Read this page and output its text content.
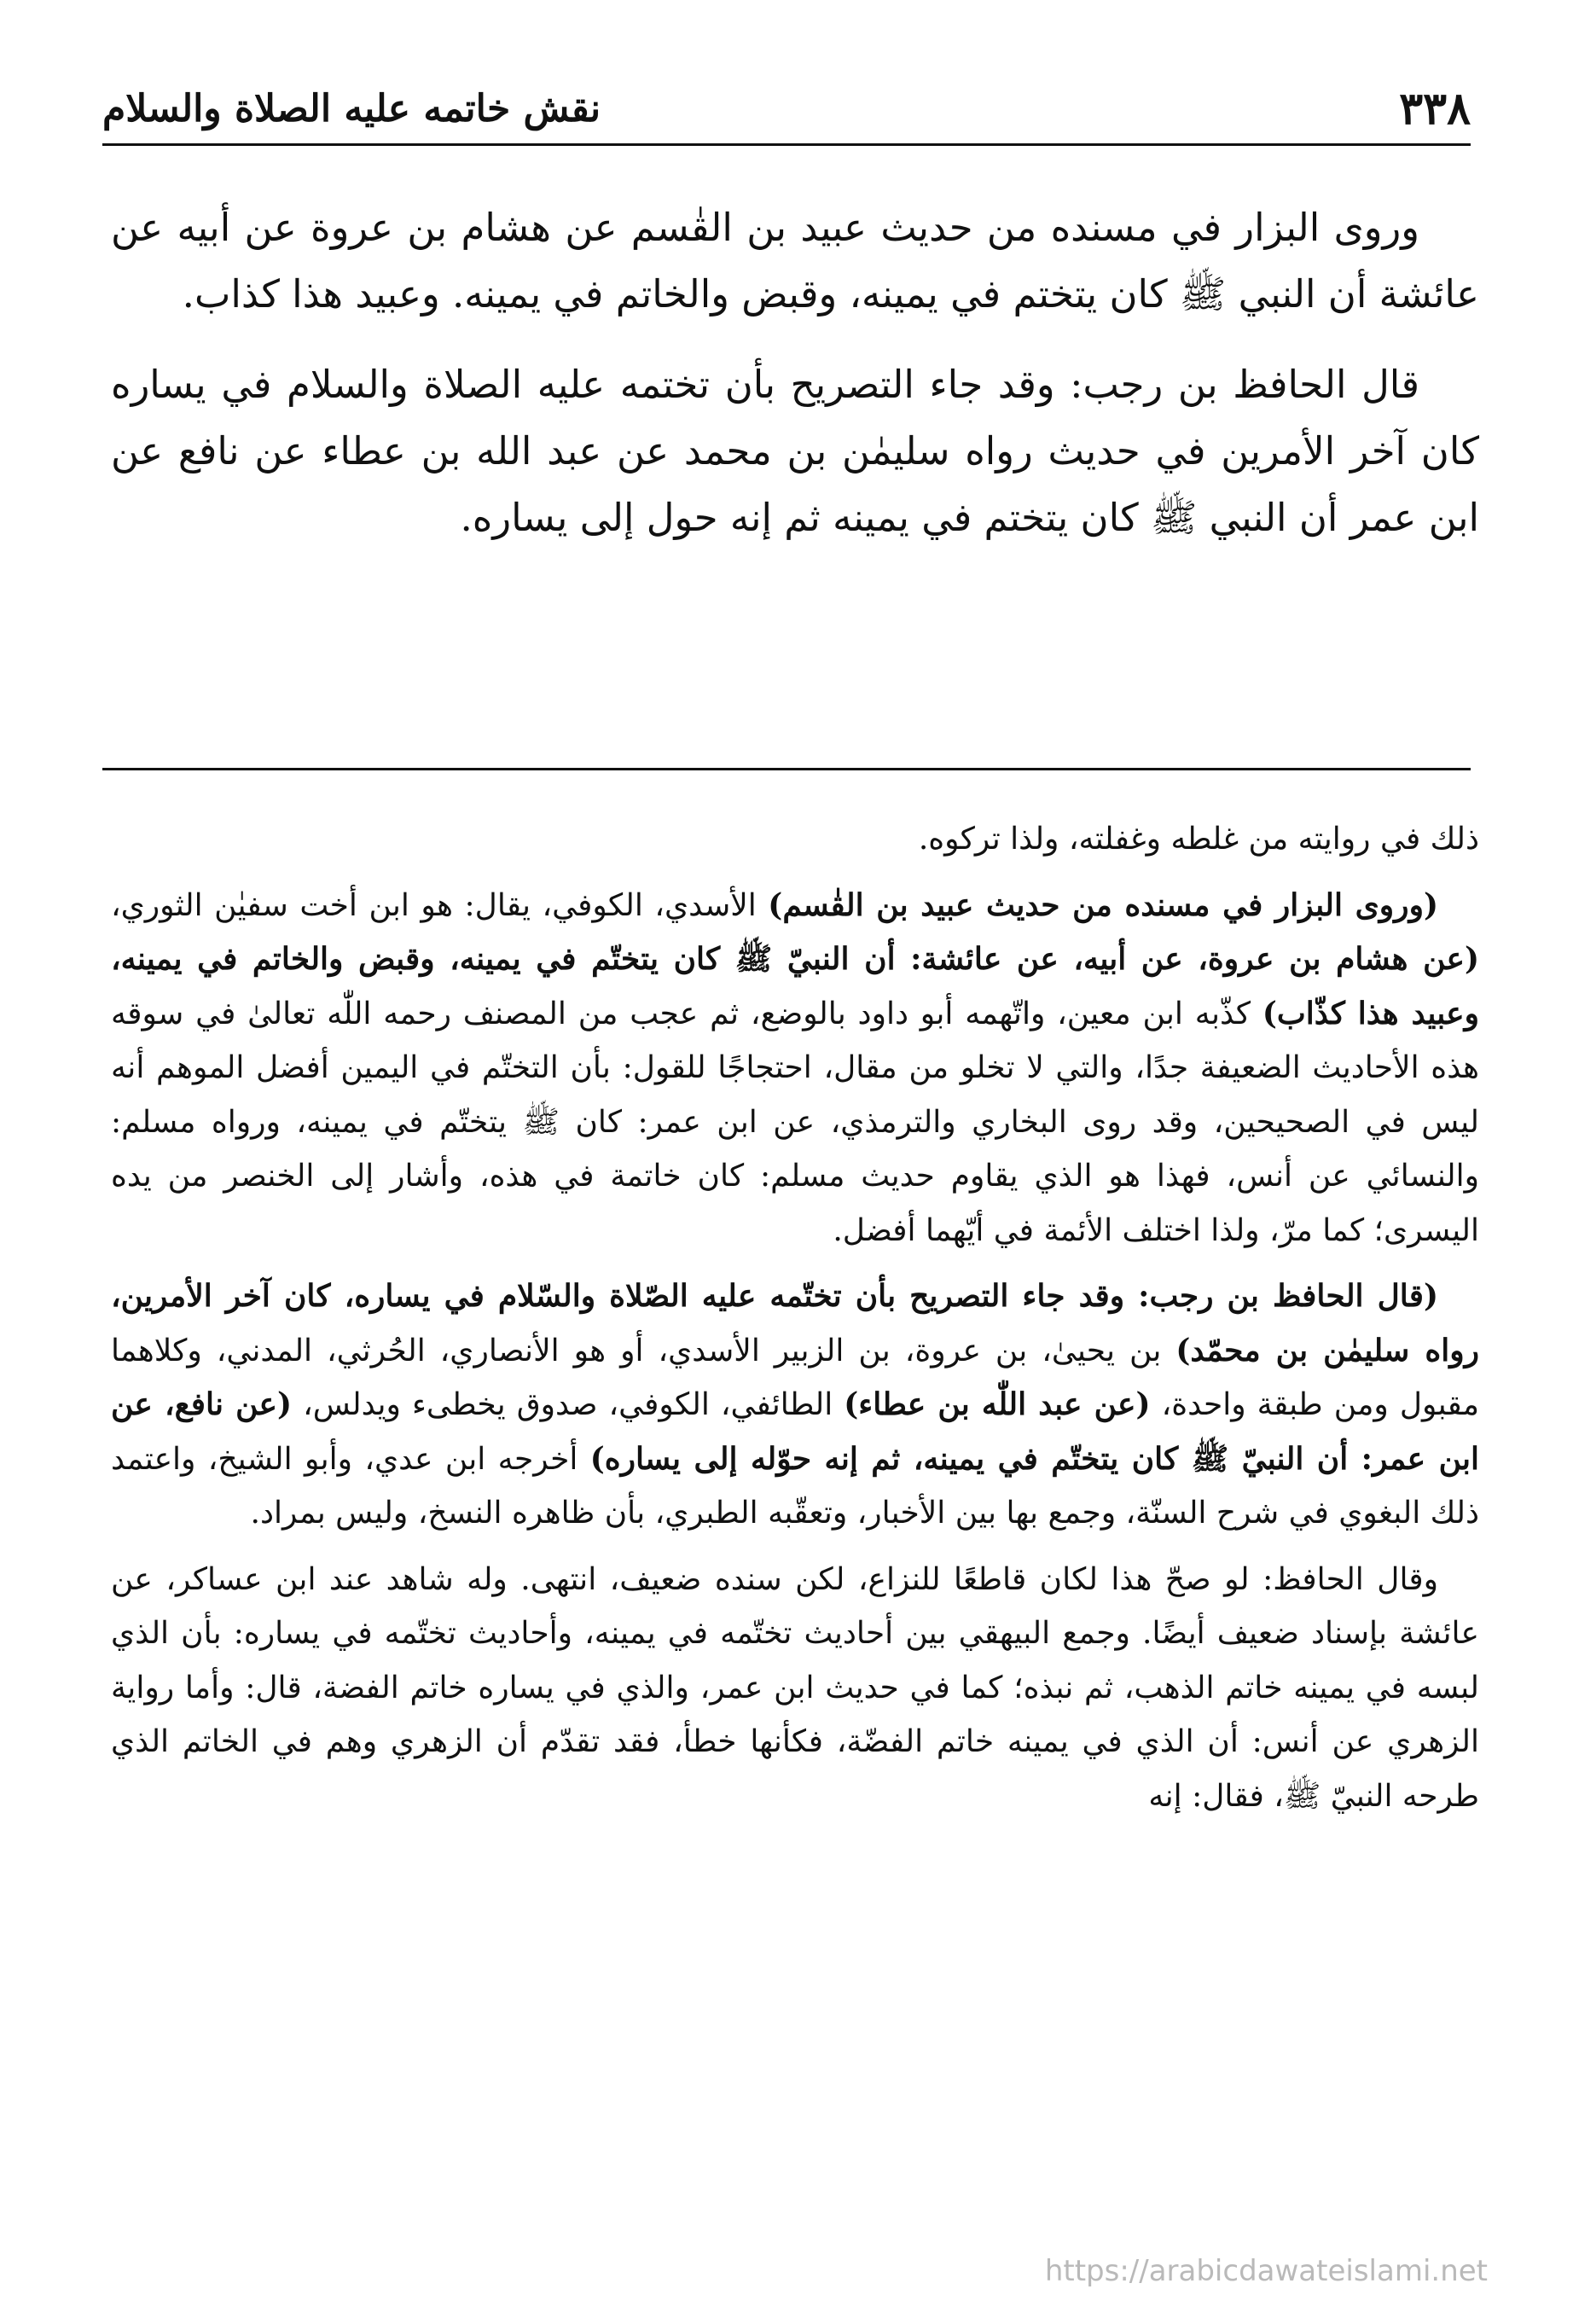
۳۳۸
نقش خاتمه علیه الصلاة والسلام

وروى البزار في مسنده من حديث عبيد بن القٰسم عن هشام بن عروة عن أبيه عن عائشة أن النبي ﷺ كان يتختم في يمينه، وقبض والخاتم في يمينه. وعبيد هذا كذاب.

قال الحافظ بن رجب: وقد جاء التصريح بأن تختمه عليه الصلاة والسلام في يساره كان آخر الأمرين في حديث رواه سليمٰن بن محمد عن عبد الله بن عطاء عن نافع عن ابن عمر أن النبي ﷺ كان يتختم في يمينه ثم إنه حول إلى يساره.

ذلك في روايته من غلطه وغفلته، ولذا تركوه.

(وروى البزار في مسنده من حديث عبيد بن القٰسم) الأسدي، الكوفي، يقال: هو ابن أخت سفيٰن الثوري، (عن هشام بن عروة، عن أبيه، عن عائشة: أن النبيّ ﷺ كان يتختّم في يمينه، وقبض والخاتم في يمينه، وعبيد هذا كذّاب) كذّبه ابن معين، واتّهمه أبو داود بالوضع، ثم عجب من المصنف رحمه اللّٰه تعالىٰ في سوقه هذه الأحاديث الضعيفة جدًا، والتي لا تخلو من مقال، احتجاجًا للقول: بأن التختّم في اليمين أفضل الموهم أنه ليس في الصحيحين، وقد روى البخاري والترمذي، عن ابن عمر: كان ﷺ يتختّم في يمينه، ورواه مسلم: والنسائي عن أنس، فهذا هو الذي يقاوم حديث مسلم: كان خاتمة في هذه، وأشار إلى الخنصر من يده اليسرى؛ كما مرّ، ولذا اختلف الأئمة في أيّهما أفضل.

(قال الحافظ بن رجب: وقد جاء التصريح بأن تختّمه عليه الصّلاة والسّلام في يساره، كان آخر الأمرين، رواه سليمٰن بن محمّد) بن يحيىٰ، بن عروة، بن الزبير الأسدي، أو هو الأنصاري، الحُرثي، المدني، وكلاهما مقبول ومن طبقة واحدة، (عن عبد اللّٰه بن عطاء) الطائفي، الكوفي، صدوق يخطىء ويدلس، (عن نافع، عن ابن عمر: أن النبيّ ﷺ كان يتختّم في يمينه، ثم إنه حوّله إلى يساره) أخرجه ابن عدي، وأبو الشيخ، واعتمد ذلك البغوي في شرح السنّة، وجمع بها بين الأخبار، وتعقّبه الطبري، بأن ظاهره النسخ، وليس بمراد.

وقال الحافظ: لو صحّ هذا لكان قاطعًا للنزاع، لكن سنده ضعيف، انتهى. وله شاهد عند ابن عساكر، عن عائشة بإسناد ضعيف أيضًا. وجمع البيهقي بين أحاديث تختّمه في يمينه، وأحاديث تختّمه في يساره: بأن الذي لبسه في يمينه خاتم الذهب، ثم نبذه؛ كما في حديث ابن عمر، والذي في يساره خاتم الفضة، قال: وأما رواية الزهري عن أنس: أن الذي في يمينه خاتم الفضّة، فكأنها خطأ، فقد تقدّم أن الزهري وهم في الخاتم الذي طرحه النبيّ ﷺ، فقال: إنه

https://arabicdawateislami.net
